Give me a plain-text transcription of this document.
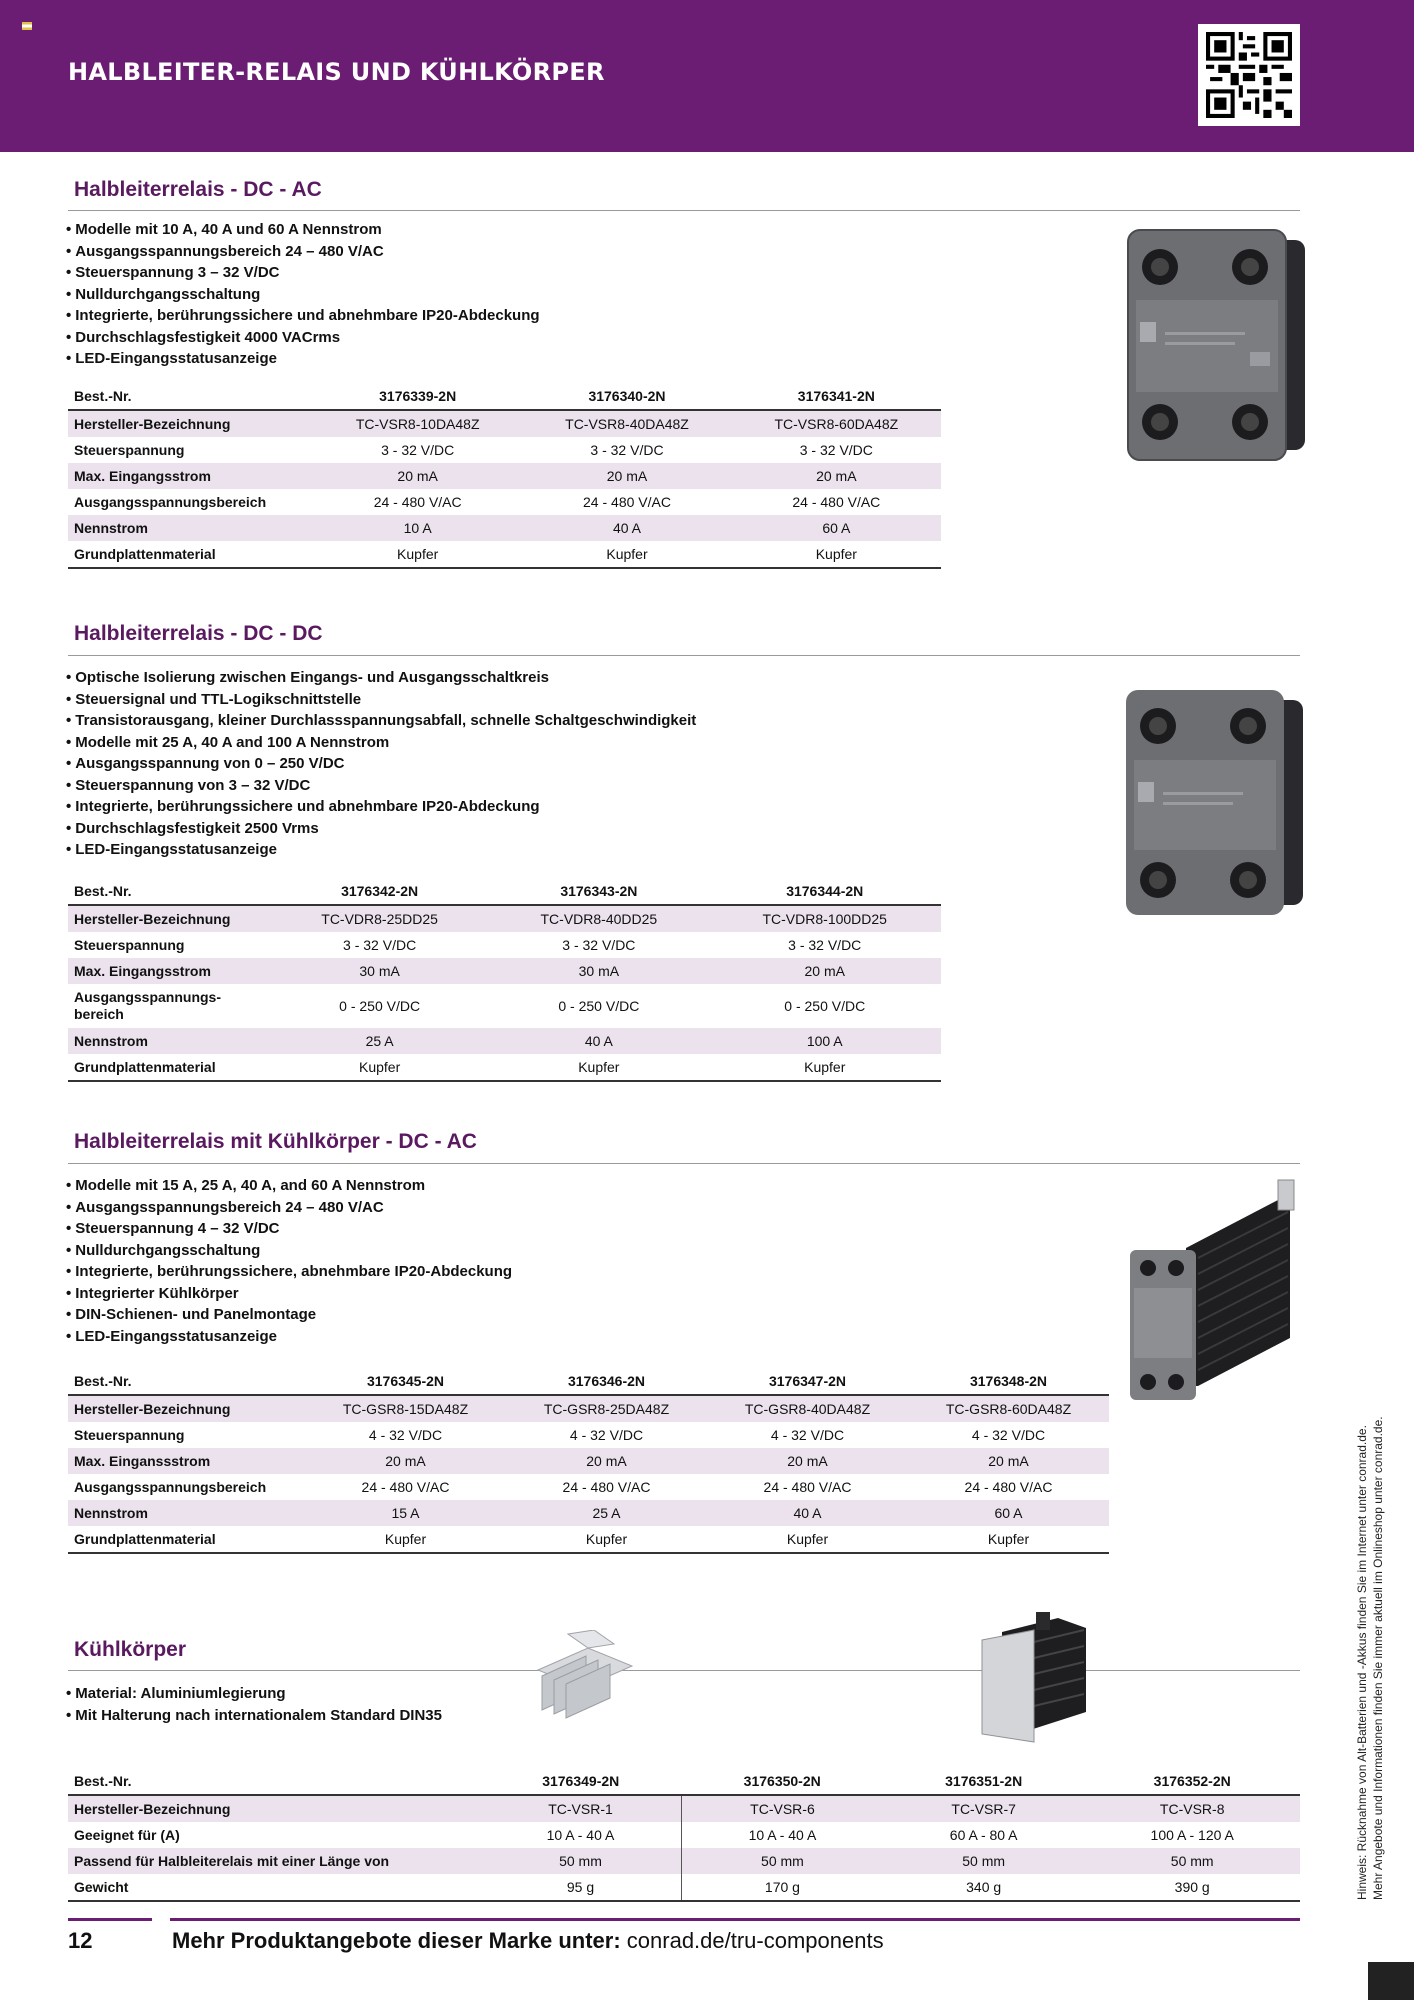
HALBLEITER-RELAIS UND KÜHLKÖRPER
Halbleiterrelais - DC - AC
• Modelle mit 10 A, 40 A und 60 A Nennstrom
• Ausgangsspannungsbereich 24 – 480 V/AC
• Steuerspannung 3 – 32 V/DC
• Nulldurchgangsschaltung
• Integrierte, berührungssichere und abnehmbare IP20-Abdeckung
• Durchschlagsfestigkeit 4000 VACrms
• LED-Eingangsstatusanzeige
Best.-Nr.	3176339-2N	3176340-2N	3176341-2N
Hersteller-Bezeichnung	TC-VSR8-10DA48Z	TC-VSR8-40DA48Z	TC-VSR8-60DA48Z
Steuerspannung	3 - 32 V/DC	3 - 32 V/DC	3 - 32 V/DC
Max. Eingangsstrom	20 mA	20 mA	20 mA
Ausgangsspannungsbereich	24 - 480 V/AC	24 - 480 V/AC	24 - 480 V/AC
Nennstrom	10 A	40 A	60 A
Grundplattenmaterial	Kupfer	Kupfer	Kupfer
Halbleiterrelais - DC - DC
• Optische Isolierung zwischen Eingangs- und Ausgangsschaltkreis
• Steuersignal und TTL-Logikschnittstelle
• Transistorausgang, kleiner Durchlassspannungsabfall, schnelle Schaltgeschwindigkeit
• Modelle mit 25 A, 40 A and 100 A Nennstrom
• Ausgangsspannung von 0 – 250 V/DC
• Steuerspannung von 3 – 32 V/DC
• Integrierte, berührungssichere und abnehmbare IP20-Abdeckung
• Durchschlagsfestigkeit 2500 Vrms
• LED-Eingangsstatusanzeige
Best.-Nr.	3176342-2N	3176343-2N	3176344-2N
Hersteller-Bezeichnung	TC-VDR8-25DD25	TC-VDR8-40DD25	TC-VDR8-100DD25
Steuerspannung	3 - 32 V/DC	3 - 32 V/DC	3 - 32 V/DC
Max. Eingangsstrom	30 mA	30 mA	20 mA
Ausgangsspannungs- bereich	0 - 250 V/DC	0 - 250 V/DC	0 - 250 V/DC
Nennstrom	25 A	40 A	100 A
Grundplattenmaterial	Kupfer	Kupfer	Kupfer
Halbleiterrelais mit Kühlkörper - DC - AC
• Modelle mit 15 A, 25 A, 40 A, and 60 A Nennstrom
• Ausgangsspannungsbereich 24 – 480 V/AC
• Steuerspannung 4 – 32 V/DC
• Nulldurchgangsschaltung
• Integrierte, berührungssichere, abnehmbare IP20-Abdeckung
• Integrierter Kühlkörper
• DIN-Schienen- und Panelmontage
• LED-Eingangsstatusanzeige
Best.-Nr.	3176345-2N	3176346-2N	3176347-2N	3176348-2N
Hersteller-Bezeichnung	TC-GSR8-15DA48Z	TC-GSR8-25DA48Z	TC-GSR8-40DA48Z	TC-GSR8-60DA48Z
Steuerspannung	4 - 32 V/DC	4 - 32 V/DC	4 - 32 V/DC	4 - 32 V/DC
Max. Einganssstrom	20 mA	20 mA	20 mA	20 mA
Ausgangsspannungsbereich	24 - 480 V/AC	24 - 480 V/AC	24 - 480 V/AC	24 - 480 V/AC
Nennstrom	15 A	25 A	40 A	60 A
Grundplattenmaterial	Kupfer	Kupfer	Kupfer	Kupfer
Kühlkörper
• Material: Aluminiumlegierung
• Mit Halterung nach internationalem Standard DIN35
Best.-Nr.	3176349-2N	3176350-2N	3176351-2N	3176352-2N
Hersteller-Bezeichnung	TC-VSR-1	TC-VSR-6	TC-VSR-7	TC-VSR-8
Geeignet für (A)	10 A - 40 A	10 A - 40 A	60 A - 80 A	100 A - 120 A
Passend für Halbleiterelais mit einer Länge von	50 mm	50 mm	50 mm	50 mm
Gewicht	95 g	170 g	340 g	390 g	Hinweis: Rücknahme von Alt-Batterien und -Akkus finden Sie im Internet unter conrad.de. Mehr Angebote und Informationen finden Sie immer aktuell im Onlineshop unter conrad.de.
12	Mehr Produktangebote dieser Marke unter: conrad.de/tru-components
